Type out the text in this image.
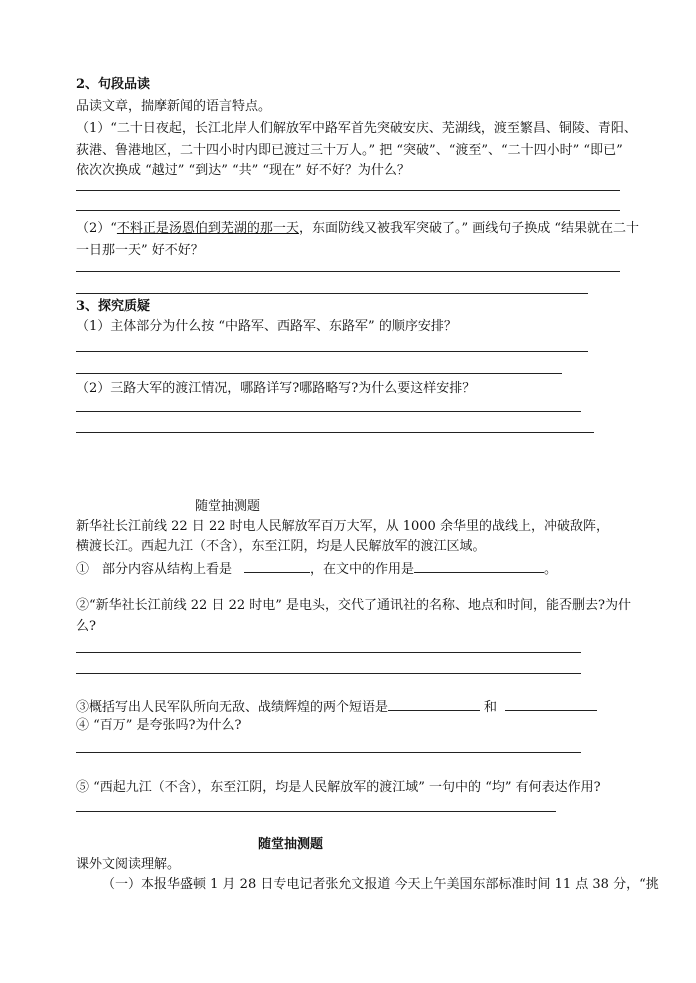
2、句段品读
品读文章，揣摩新闻的语言特点。
（1）“二十日夜起，长江北岸人们解放军中路军首先突破安庆、芜湖线，渡至繁昌、铜陵、青阳、
荻港、鲁港地区，二十四小时内即已渡过三十万人。” 把 “突破”、“渡至”、“二十四小时” “即已”
依次次换成 “越过” “到达” “共” “现在” 好不好？为什么？
（2）“不料正是汤恩伯到芜湖的那一天，东面防线又被我军突破了。” 画线句子换成 “结果就在二十
一日那一天” 好不好？
3、探究质疑
（1）主体部分为什么按 “中路军、西路军、东路军” 的顺序安排？
（2）三路大军的渡江情况，哪路详写?哪路略写?为什么要这样安排？
随堂抽测题
新华社长江前线 22 日 22 时电人民解放军百万大军，从 1000 余华里的战线上，冲破敌阵，
横渡长江。西起九江（不含），东至江阴，均是人民解放军的渡江区域。
①　部分内容从结构上看是	，在文中的作用是	。
②“新华社长江前线 22 日 22 时电” 是电头，交代了通讯社的名称、地点和时间，能否删去?为什
么?
③概括写出人民军队所向无敌、战绩辉煌的两个短语是	和
④ “百万” 是夸张吗?为什么?
⑤ “西起九江（不含），东至江阴，均是人民解放军的渡江域” 一句中的 “均” 有何表达作用?
随堂抽测题
课外文阅读理解。
（一）本报华盛顿 1 月 28 日专电记者张允文报道 今天上午美国东部标准时间 11 点 38 分，“挑
